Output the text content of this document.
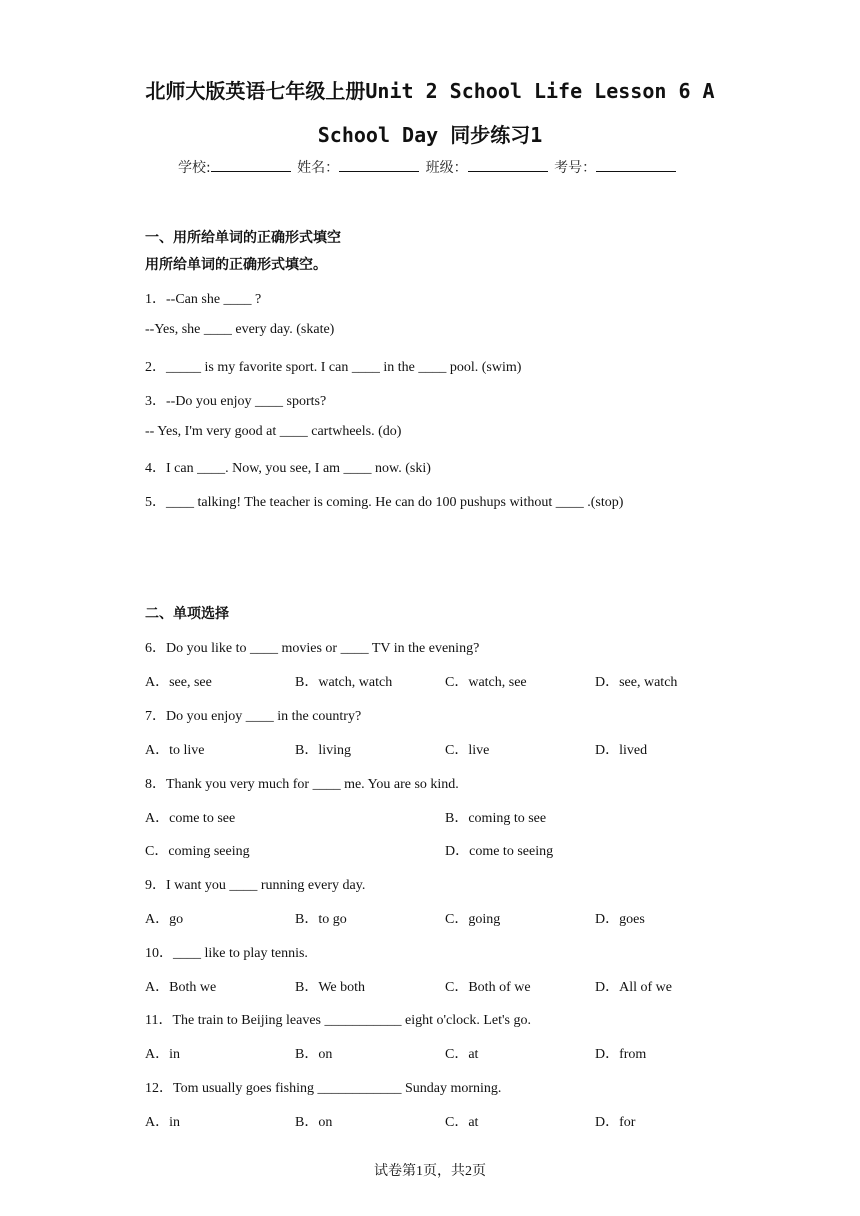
北师大版英语七年级上册Unit 2 School Life Lesson 6 A
School Day 同步练习1
学校:	姓名：	班级：	考号：
一、用所给单词的正确形式填空
用所给单词的正确形式填空。
1．--Can she ____ ?
--Yes, she ____ every day. (skate)
2．_____ is my favorite sport. I can ____ in the ____ pool. (swim)
3．--Do you enjoy ____ sports?
-- Yes, I'm very good at ____ cartwheels. (do)
4．I can ____. Now, you see, I am ____ now. (ski)
5．____ talking! The teacher is coming. He can do 100 pushups without ____ .(stop)
二、单项选择
6．Do you like to ____ movies or ____ TV in the evening?
A．see, see	B．watch, watch	C．watch, see	D．see, watch
7．Do you enjoy ____ in the country?
A．to live	B．living	C．live	D．lived
8．Thank you very much for ____ me. You are so kind.
A．come to see	B．coming to see
C．coming seeing	D．come to seeing
9．I want you ____ running every day.
A．go	B．to go	C．going	D．goes
10．____ like to play tennis.
A．Both we	B．We both	C．Both of we	D．All of we
11．The train to Beijing leaves ___________ eight o'clock. Let's go.
A．in	B．on	C．at	D．from
12．Tom usually goes fishing ____________ Sunday morning.
A．in	B．on	C．at	D．for
试卷第1页，共2页
